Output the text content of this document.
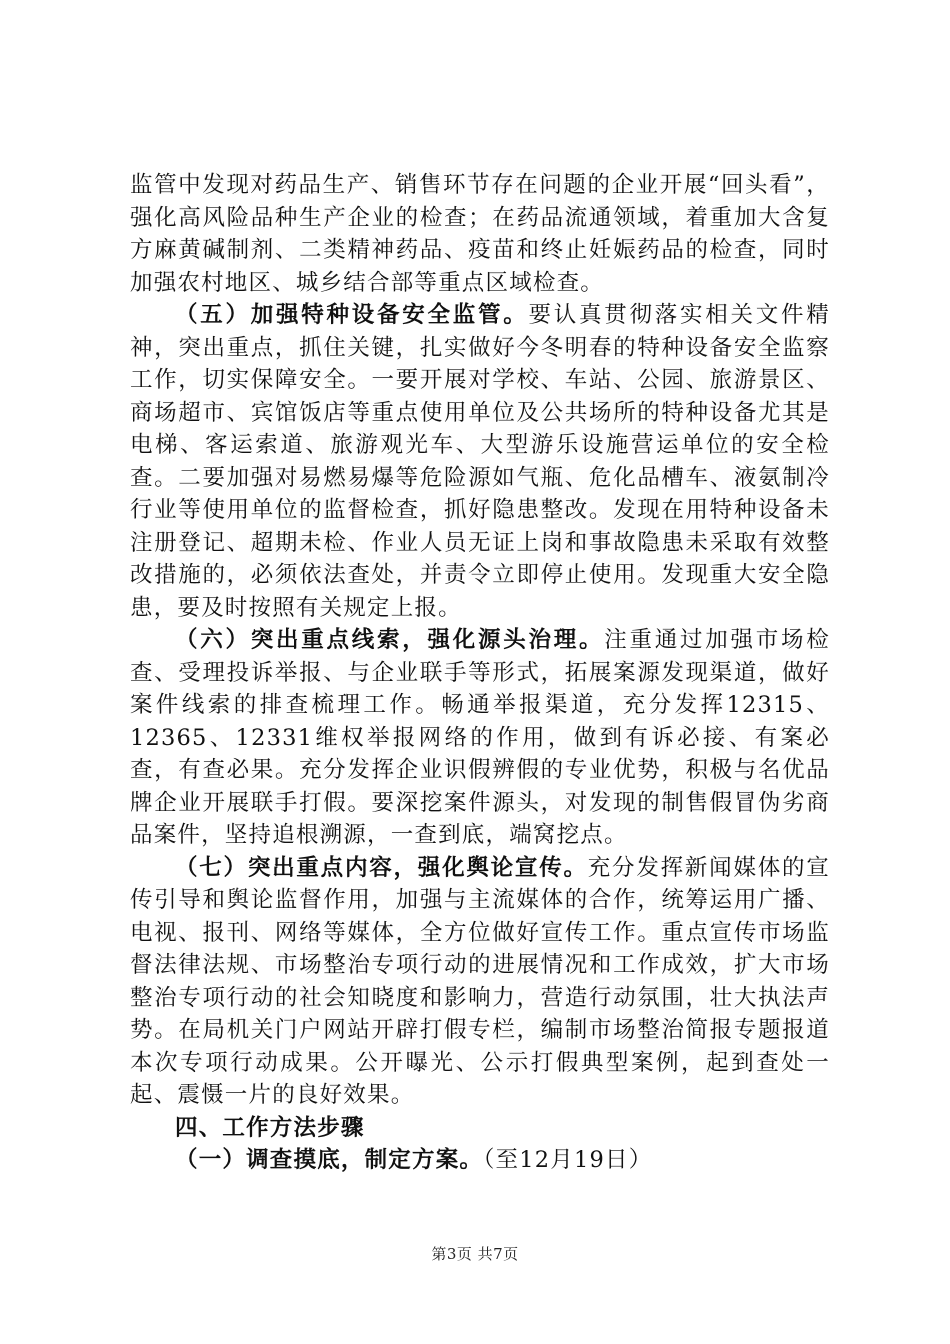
监管中发现对药品生产、销售环节存在问题的企业开展“回头看”，强化高风险品种生产企业的检查；在药品流通领域，着重加大含复方麻黄碱制剂、二类精神药品、疫苗和终止妊娠药品的检查，同时加强农村地区、城乡结合部等重点区域检查。

（五）加强特种设备安全监管。要认真贯彻落实相关文件精神，突出重点，抓住关键，扎实做好今冬明春的特种设备安全监察工作，切实保障安全。一要开展对学校、车站、公园、旅游景区、商场超市、宾馆饭店等重点使用单位及公共场所的特种设备尤其是电梯、客运索道、旅游观光车、大型游乐设施营运单位的安全检查。二要加强对易燃易爆等危险源如气瓶、危化品槽车、液氨制冷行业等使用单位的监督检查，抓好隐患整改。发现在用特种设备未注册登记、超期未检、作业人员无证上岗和事故隐患未采取有效整改措施的，必须依法查处，并责令立即停止使用。发现重大安全隐患，要及时按照有关规定上报。

（六）突出重点线索，强化源头治理。注重通过加强市场检查、受理投诉举报、与企业联手等形式，拓展案源发现渠道，做好案件线索的排查梳理工作。畅通举报渠道，充分发挥12315、12365、12331维权举报网络的作用，做到有诉必接、有案必查，有查必果。充分发挥企业识假辨假的专业优势，积极与名优品牌企业开展联手打假。要深挖案件源头，对发现的制售假冒伪劣商品案件，坚持追根溯源，一查到底，端窝挖点。

（七）突出重点内容，强化舆论宣传。充分发挥新闻媒体的宣传引导和舆论监督作用，加强与主流媒体的合作，统筹运用广播、电视、报刊、网络等媒体，全方位做好宣传工作。重点宣传市场监督法律法规、市场整治专项行动的进展情况和工作成效，扩大市场整治专项行动的社会知晓度和影响力，营造行动氛围，壮大执法声势。在局机关门户网站开辟打假专栏，编制市场整治简报专题报道本次专项行动成果。公开曝光、公示打假典型案例，起到查处一起、震慑一片的良好效果。

四、工作方法步骤

（一）调查摸底，制定方案。（至12月19日）

第3页 共7页
